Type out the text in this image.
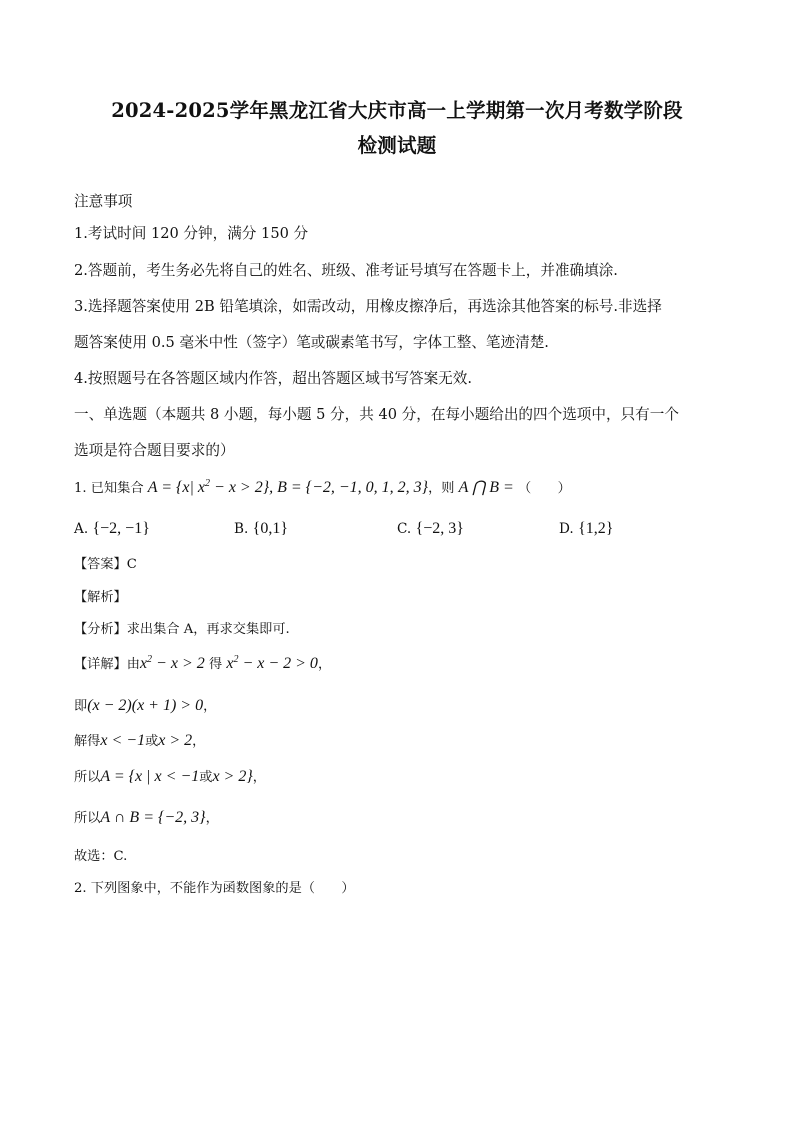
2024-2025学年黑龙江省大庆市高一上学期第一次月考数学阶段
检测试题
注意事项
1.考试时间 120 分钟，满分 150 分
2.答题前，考生务必先将自己的姓名、班级、准考证号填写在答题卡上，并准确填涂.
3.选择题答案使用 2B 铅笔填涂，如需改动，用橡皮擦净后，再选涂其他答案的标号.非选择
题答案使用 0.5 毫米中性（签字）笔或碳素笔书写，字体工整、笔迹清楚.
4.按照题号在各答题区域内作答，超出答题区域书写答案无效.
一、单选题（本题共 8 小题，每小题 5 分，共 40 分，在每小题给出的四个选项中，只有一个
选项是符合题目要求的）
1. 已知集合 A = {x| $x^2 - x > 2$}, B = {−2, −1, 0, 1, 2, 3}，则 A ⋂ B = （　　）
A. {−2, −1}	B. {0,1}	C. {−2, 3}	D. {1,2}
【答案】C
【解析】
【分析】求出集合 A，再求交集即可.
【详解】由$x^2 - x > 2$ 得 $x^2 - x - 2 > 0$，
即(x − 2)(x + 1) > 0，
解得x < −1或x > 2，
所以A = {x | x < −1或x > 2}，
所以A ∩ B = {−2, 3}，
故选：C.
2. 下列图象中，不能作为函数图象的是（　　）
